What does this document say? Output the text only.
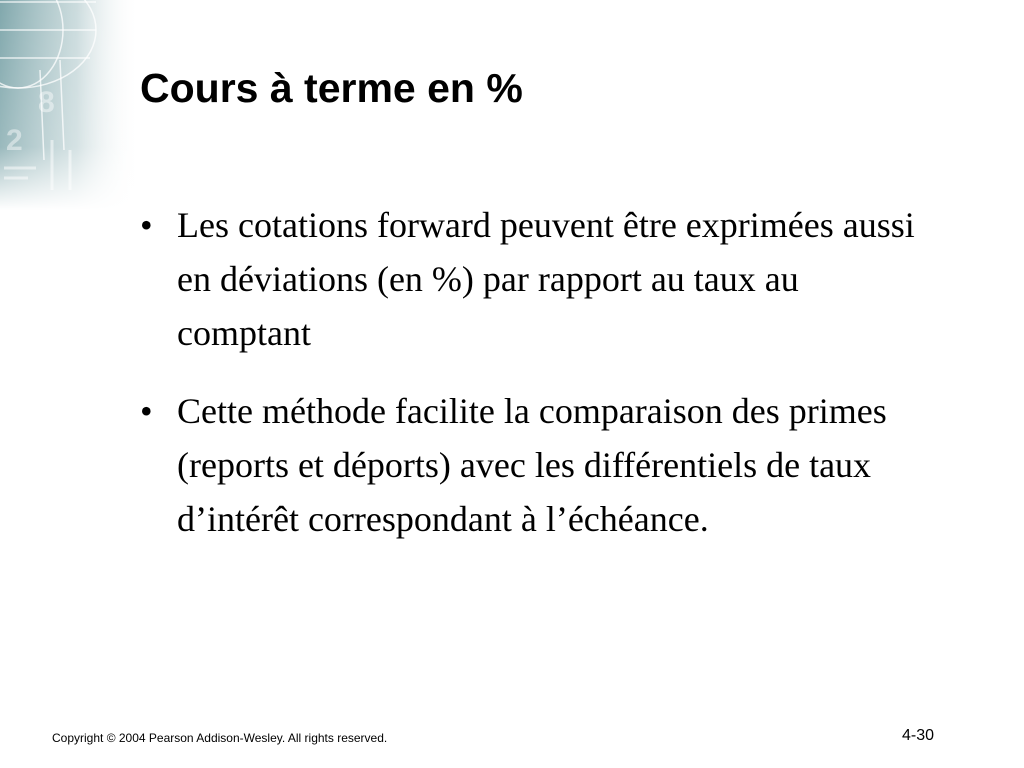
Cours à terme en %
• Les cotations forward peuvent être exprimées aussi en déviations (en %) par rapport au taux au comptant
• Cette méthode facilite la comparaison des primes (reports et déports) avec les différentiels de taux d’intérêt correspondant à l’échéance.
Copyright © 2004 Pearson Addison-Wesley. All rights reserved.	4-30
